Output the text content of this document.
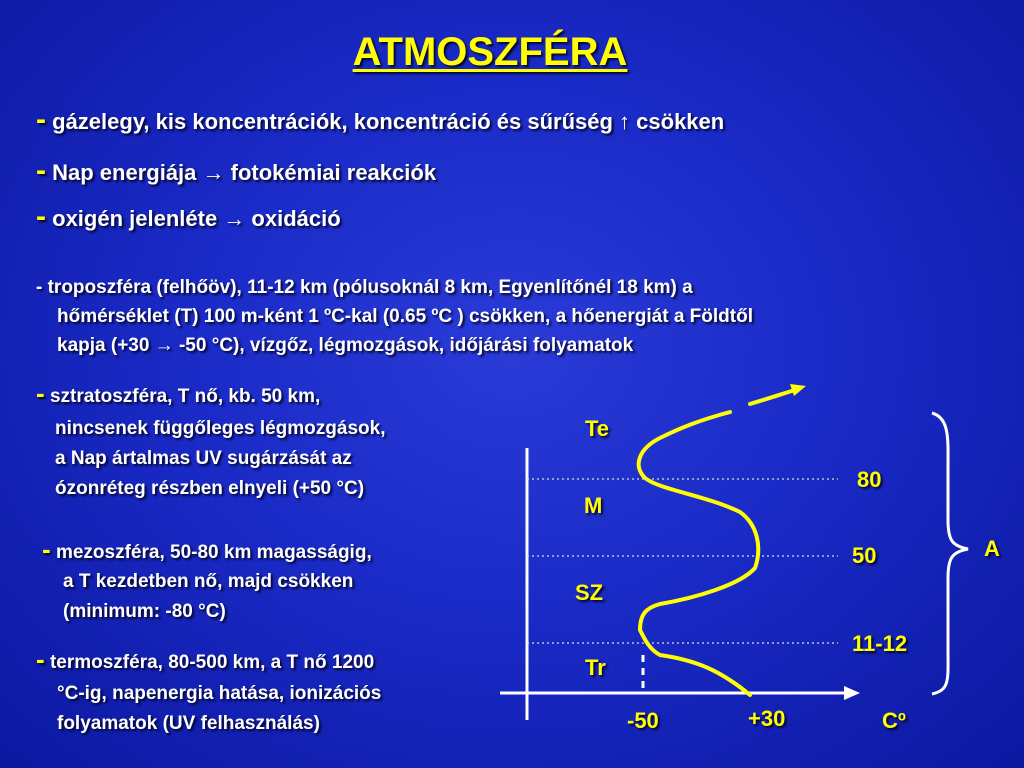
ATMOSZFÉRA
- gázelegy, kis koncentrációk, koncentráció és sűrűség ↑ csökken
- Nap energiája → fotokémiai reakciók
- oxigén jelenléte → oxidáció
- troposzféra (felhőöv), 11-12 km (pólusoknál 8 km, Egyenlítőnél 18 km) a
hőmérséklet (T) 100 m-ként 1 ºC-kal (0.65 ºC ) csökken, a hőenergiát a Földtől
kapja (+30 → -50 °C), vízgőz, légmozgások, időjárási folyamatok
- sztratoszféra, T nő, kb. 50 km,
nincsenek függőleges légmozgások,
a Nap ártalmas UV sugárzását az
ózonréteg részben elnyeli (+50 °C)
- mezoszféra, 50-80 km magasságig,
a T kezdetben nő, majd csökken
(minimum: -80 °C)
- termoszféra, 80-500 km, a T nő 1200
°C-ig, napenergia hatása, ionizációs
folyamatok (UV felhasználás)
Te
M
SZ
Tr
80
50
11-12
-50	+30	Cº
A
